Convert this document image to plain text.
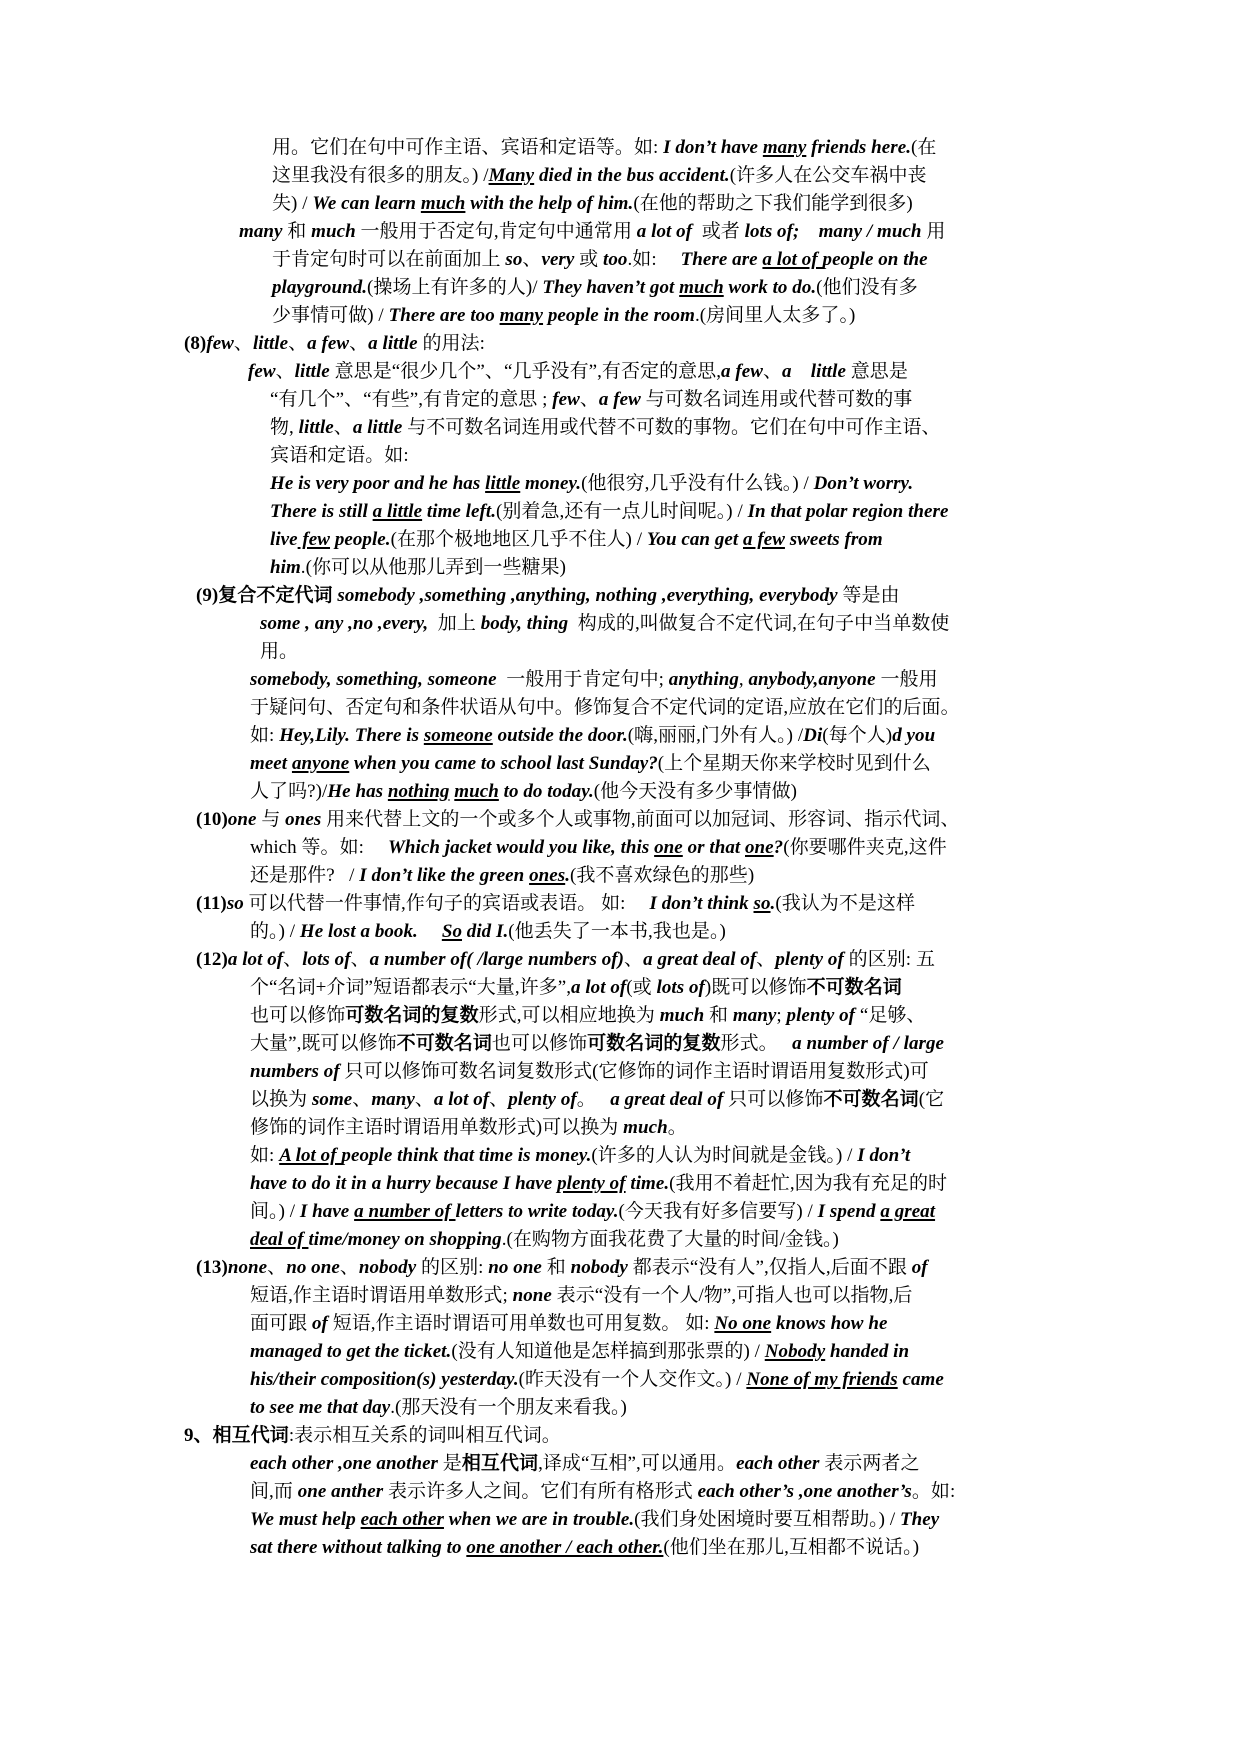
用。它们在句中可作主语、宾语和定语等。如: I don’t have many friends here.(在
这里我没有很多的朋友。) /Many died in the bus accident.(许多人在公交车祸中丧
失) / We can learn much with the help of him.(在他的帮助之下我们能学到很多)
many 和 much 一般用于否定句,肯定句中通常用 a lot of  或者 lots of; many / much 用
于肯定句时可以在前面加上 so、very 或 too.如:     There are a lot of people on the
playground.(操场上有许多的人)/ They haven’t got much work to do.(他们没有多
少事情可做) / There are too many people in the room.(房间里人太多了。)
(8)few、little、a few、a little 的用法:
few、little 意思是“很少几个”、“几乎没有”,有否定的意思,a few、a little 意思是
“有几个”、“有些”,有肯定的意思 ; few、a few 与可数名词连用或代替可数的事
物, little、a little 与不可数名词连用或代替不可数的事物。它们在句中可作主语、
宾语和定语。如:
He is very poor and he has little money.(他很穷,几乎没有什么钱。) / Don’t worry.
There is still a little time left.(别着急,还有一点儿时间呢。) / In that polar region there
live few people.(在那个极地地区几乎不住人) / You can get a few sweets from
him.(你可以从他那儿弄到一些糖果)
(9)复合不定代词 somebody ,something ,anything, nothing ,everything, everybody 等是由
some , any ,no ,every,  加上 body, thing  构成的,叫做复合不定代词,在句子中当单数使
用。
somebody, something, someone  一般用于肯定句中; anything, anybody,anyone 一般用
于疑问句、否定句和条件状语从句中。修饰复合不定代词的定语,应放在它们的后面。
如: Hey,Lily. There is someone outside the door.(嗨,丽丽,门外有人。) /Di(每个人)d you
meet anyone when you came to school last Sunday?(上个星期天你来学校时见到什么
人了吗?)/He has nothing much to do today.(他今天没有多少事情做)
(10)one 与 ones 用来代替上文的一个或多个人或事物,前面可以加冠词、形容词、指示代词、
which 等。如:     Which jacket would you like, this one or that one?(你要哪件夹克,这件
还是那件?   / I don’t like the green ones.(我不喜欢绿色的那些)
(11)so 可以代替一件事情,作句子的宾语或表语。 如:     I don’t think so.(我认为不是这样
的。) / He lost a book.     So did I.(他丢失了一本书,我也是。)
(12)a lot of、lots of、a number of( /large numbers of)、a great deal of、plenty of 的区别: 五
个“名词+介词”短语都表示“大量,许多”,a lot of(或 lots of)既可以修饰不可数名词
也可以修饰可数名词的复数形式,可以相应地换为 much 和 many; plenty of “足够、
大量”,既可以修饰不可数名词也可以修饰可数名词的复数形式。   a number of / large
numbers of 只可以修饰可数名词复数形式(它修饰的词作主语时谓语用复数形式)可
以换为 some、many、a lot of、plenty of。   a great deal of 只可以修饰不可数名词(它
修饰的词作主语时谓语用单数形式)可以换为 much。
如: A lot of people think that time is money.(许多的人认为时间就是金钱。) / I don’t
have to do it in a hurry because I have plenty of time.(我用不着赶忙,因为我有充足的时
间。) / I have a number of letters to write today.(今天我有好多信要写) / I spend a great
deal of time/money on shopping.(在购物方面我花费了大量的时间/金钱。)
(13)none、no one、nobody 的区别: no one 和 nobody 都表示“没有人”,仅指人,后面不跟 of
短语,作主语时谓语用单数形式; none 表示“没有一个人/物”,可指人也可以指物,后
面可跟 of 短语,作主语时谓语可用单数也可用复数。 如: No one knows how he
managed to get the ticket.(没有人知道他是怎样搞到那张票的) / Nobody handed in
his/their composition(s) yesterday.(昨天没有一个人交作文。) / None of my friends came
to see me that day.(那天没有一个朋友来看我。)
9、相互代词:表示相互关系的词叫相互代词。
each other ,one another 是相互代词,译成“互相”,可以通用。each other 表示两者之
间,而 one anther 表示许多人之间。它们有所有格形式 each other’s ,one another’s。如:
We must help each other when we are in trouble.(我们身处困境时要互相帮助。) / They
sat there without talking to one another / each other.(他们坐在那儿,互相都不说话。)
